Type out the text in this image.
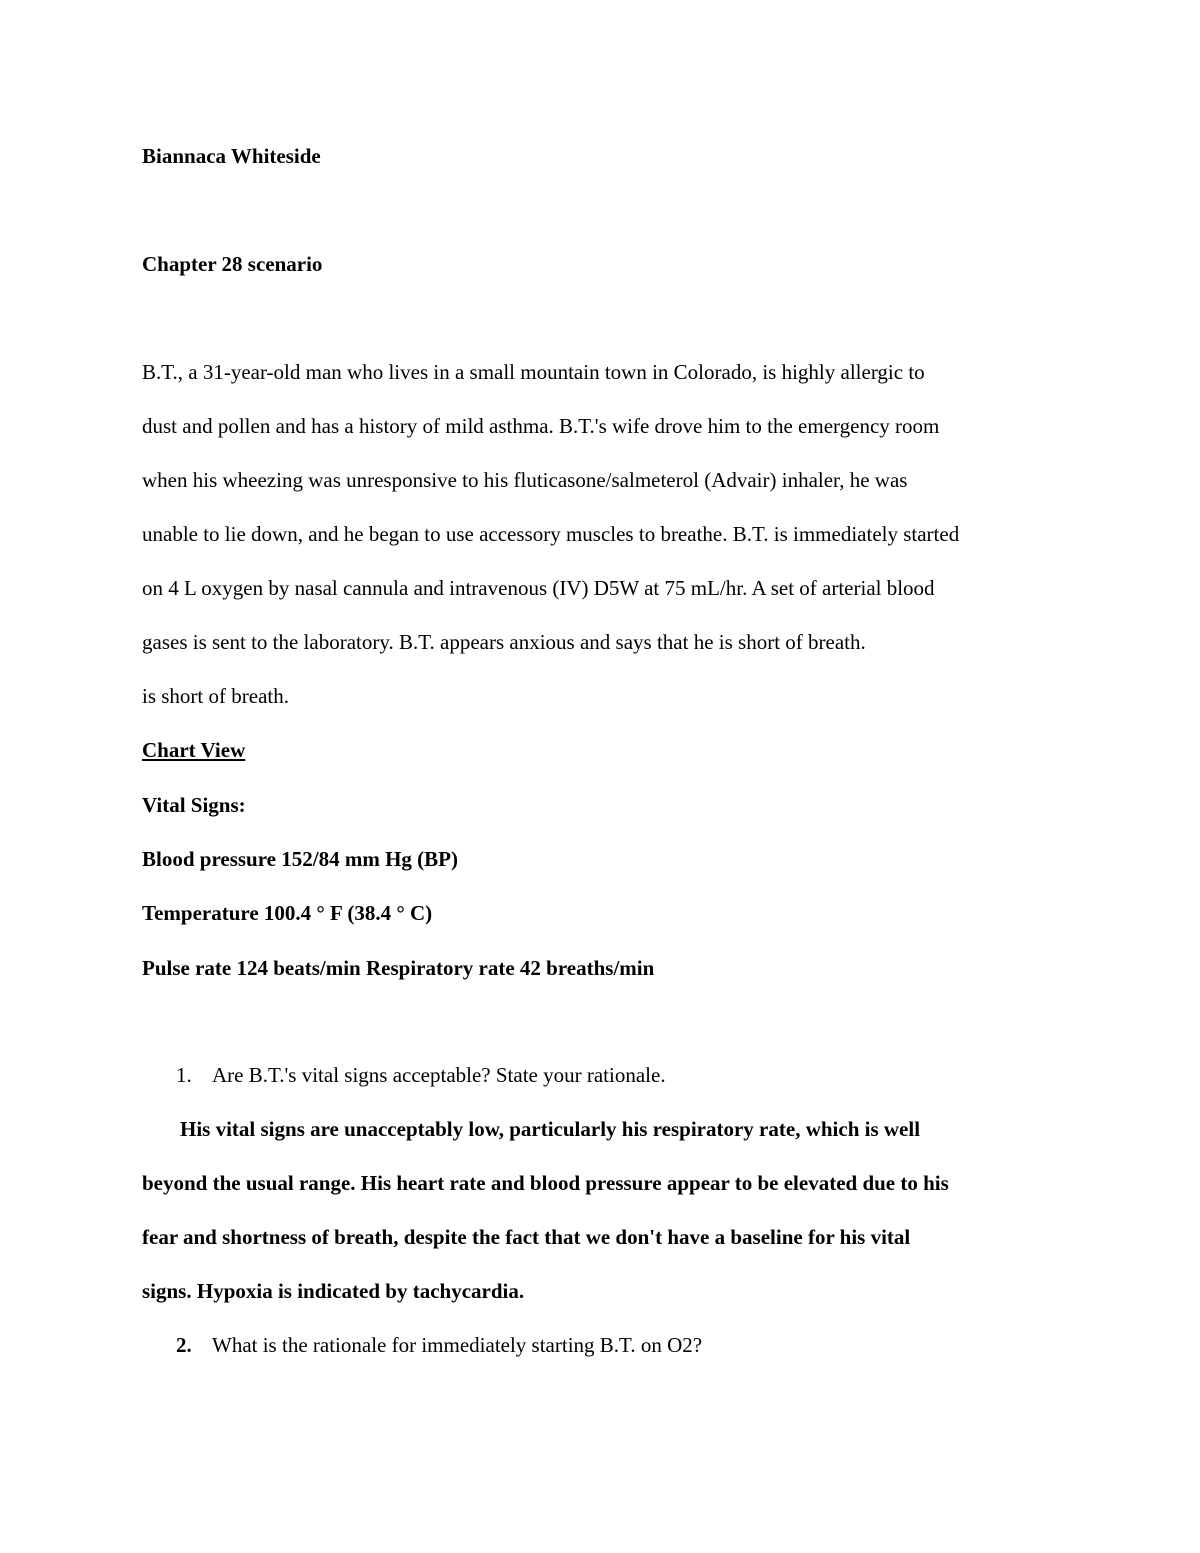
Biannaca Whiteside
Chapter 28 scenario
B.T., a 31-year-old man who lives in a small mountain town in Colorado, is highly allergic to
dust and pollen and has a history of mild asthma. B.T.'s wife drove him to the emergency room
when his wheezing was unresponsive to his fluticasone/salmeterol (Advair) inhaler, he was
unable to lie down, and he began to use accessory muscles to breathe. B.T. is immediately started
on 4 L oxygen by nasal cannula and intravenous (IV) D5W at 75 mL/hr. A set of arterial blood
gases is sent to the laboratory. B.T. appears anxious and says that he is short of breath.
is short of breath.
Chart View
Vital Signs:
Blood pressure 152/84 mm Hg (BP)
Temperature 100.4 ° F (38.4 ° C)
Pulse rate 124 beats/min Respiratory rate 42 breaths/min
1. Are B.T.'s vital signs acceptable? State your rationale.
His vital signs are unacceptably low, particularly his respiratory rate, which is well
beyond the usual range. His heart rate and blood pressure appear to be elevated due to his
fear and shortness of breath, despite the fact that we don't have a baseline for his vital
signs. Hypoxia is indicated by tachycardia.
2. What is the rationale for immediately starting B.T. on O2?
